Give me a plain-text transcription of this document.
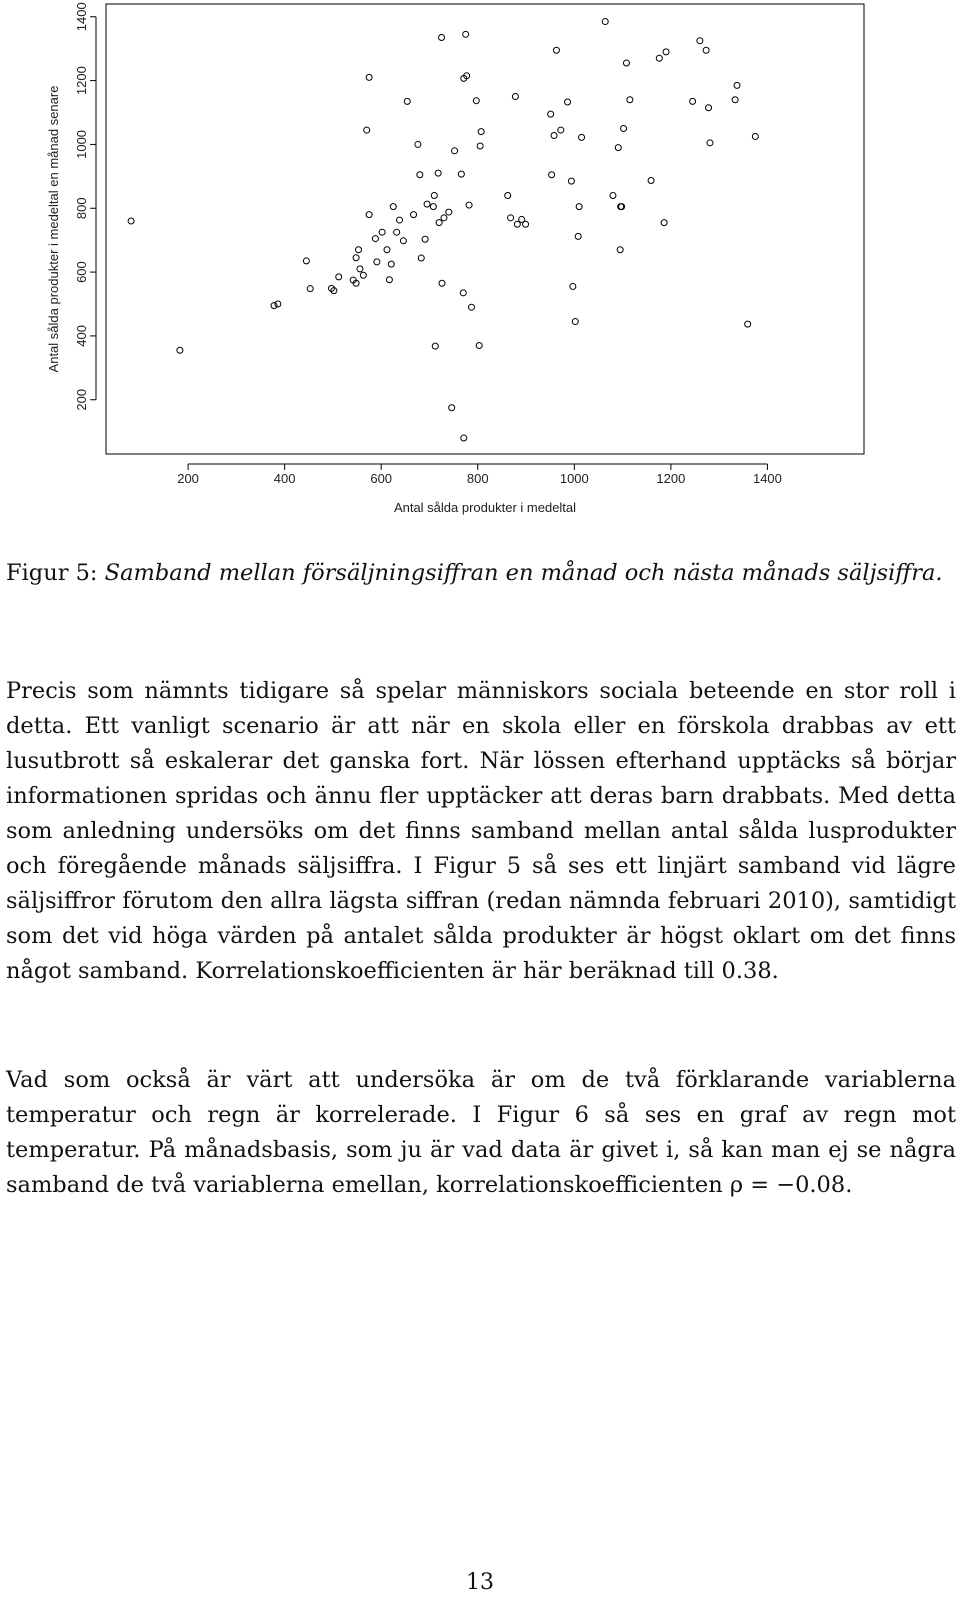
200	400	600	800	1000	1200	1400
200
400
600
800
1000
1200
1400
Antal sålda produkter i medeltal
Antal sålda produkter i medeltal en månad senare

Figur 5: Samband mellan försäljningsiffran en månad och nästa månads säljsiffra.

Precis som nämnts tidigare så spelar människors sociala beteende en stor roll i detta. Ett vanligt scenario är att när en skola eller en förskola drabbas av ett lusutbrott så eskalerar det ganska fort. När lössen efterhand upptäcks så börjar informationen spridas och ännu fler upptäcker att deras barn drabbats. Med detta som anledning undersöks om det finns samband mellan antal sålda lusprodukter och föregående månads säljsiffra. I Figur 5 så ses ett linjärt samband vid lägre säljsiffror förutom den allra lägsta siffran (redan nämnda februari 2010), samtidigt som det vid höga värden på antalet sålda produkter är högst oklart om det finns något samband. Korrelationskoefficienten är här beräknad till 0.38.

Vad som också är värt att undersöka är om de två förklarande variablerna temperatur och regn är korrelerade. I Figur 6 så ses en graf av regn mot temperatur. På månadsbasis, som ju är vad data är givet i, så kan man ej se några samband de två variablerna emellan, korrelationskoefficienten ρ = −0.08.

13
